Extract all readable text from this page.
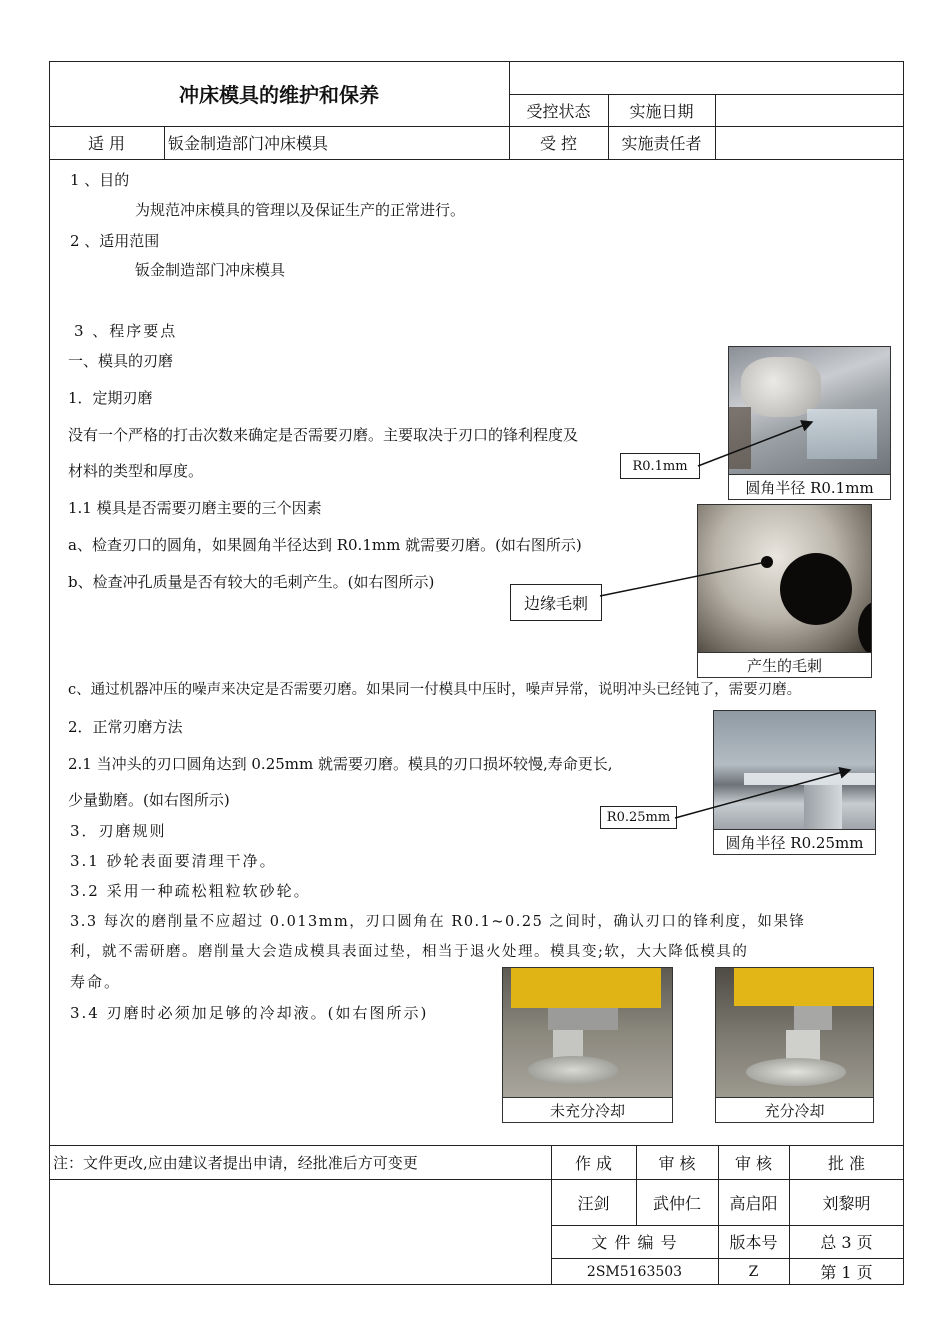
冲床模具的维护和保养
受控状态	实施日期
适 用	钣金制造部门冲床模具	受 控	实施责任者
1 、目的
为规范冲床模具的管理以及保证生产的正常进行。
2 、适用范围
钣金制造部门冲床模具
3 、程序要点
一、模具的刃磨
1．定期刃磨
没有一个严格的打击次数来确定是否需要刃磨。主要取决于刃口的锋利程度及
材料的类型和厚度。
1.1 模具是否需要刃磨主要的三个因素
a、检查刃口的圆角，如果圆角半径达到 R0.1mm 就需要刃磨。(如右图所示)
b、检查冲孔质量是否有较大的毛刺产生。(如右图所示)
c、通过机器冲压的噪声来决定是否需要刃磨。如果同一付模具中压时，噪声异常，说明冲头已经钝了，需要刃磨。
2．正常刃磨方法
2.1 当冲头的刃口圆角达到 0.25mm 就需要刃磨。模具的刃口损坏较慢,寿命更长,
少量勤磨。(如右图所示)
3．刃磨规则
3.1 砂轮表面要清理干净。
3.2 采用一种疏松粗粒软砂轮。
3.3 每次的磨削量不应超过 0.013mm，刃口圆角在 R0.1~0.25 之间时，确认刃口的锋利度，如果锋
利，就不需研磨。磨削量大会造成模具表面过垫，相当于退火处理。模具变;软，大大降低模具的
寿命。
3.4 刃磨时必须加足够的冷却液。(如右图所示)
圆角半径 R0.1mm
R0.1mm
产生的毛刺
边缘毛刺
圆角半径 R0.25mm
R0.25mm
未充分冷却	充分冷却
注：文件更改,应由建议者提出申请，经批准后方可变更	作 成	审 核	审 核	批 准
汪剑	武仲仁	高启阳	刘黎明
文 件 编 号	版本号	总 3 页
2SM5163503	Z	第 1 页
